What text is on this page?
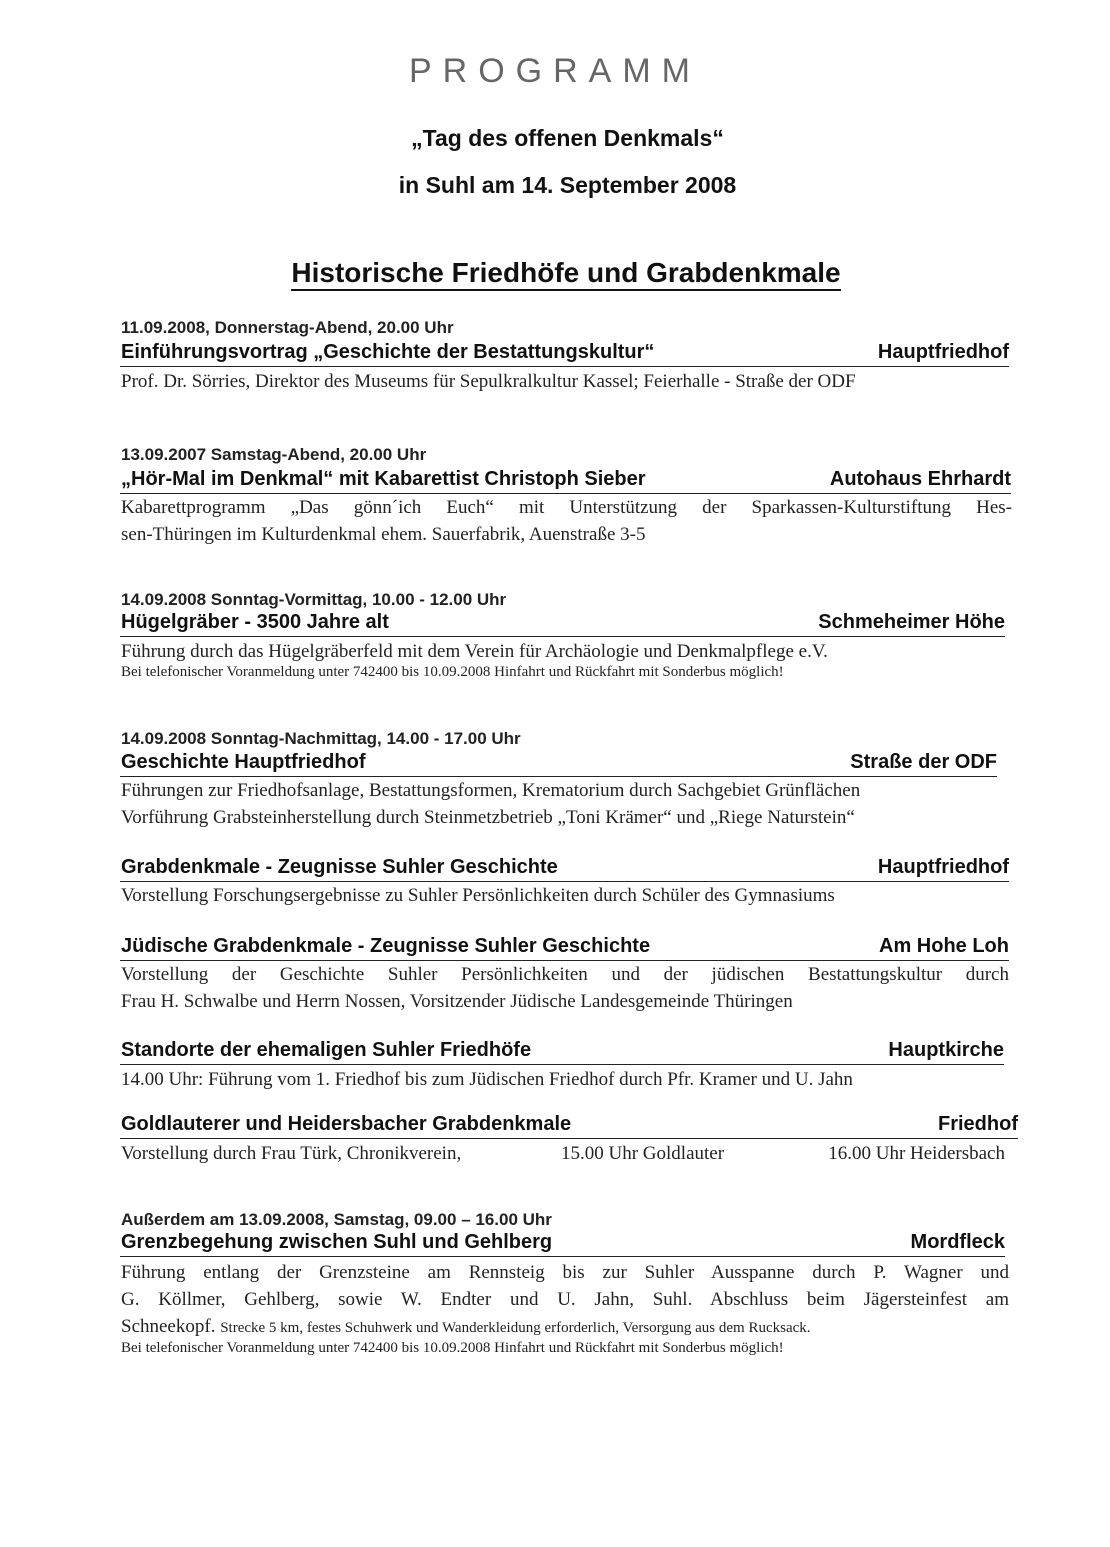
PROGRAMM
„Tag des offenen Denkmals“
in Suhl am 14. September 2008
Historische Friedhöfe und Grabdenkmale
11.09.2008, Donnerstag-Abend, 20.00 Uhr
Einführungsvortrag „Geschichte der Bestattungskultur“	Hauptfriedhof
Prof. Dr. Sörries, Direktor des Museums für Sepulkralkultur Kassel; Feierhalle - Straße der ODF
13.09.2007 Samstag-Abend, 20.00 Uhr
„Hör-Mal im Denkmal“ mit Kabarettist Christoph Sieber	Autohaus Ehrhardt
Kabarettprogramm „Das gönn´ich Euch“ mit Unterstützung der Sparkassen-Kulturstiftung Hes-
sen-Thüringen im Kulturdenkmal ehem. Sauerfabrik, Auenstraße 3-5
14.09.2008 Sonntag-Vormittag, 10.00 - 12.00 Uhr
Hügelgräber - 3500 Jahre alt	Schmeheimer Höhe
Führung durch das Hügelgräberfeld mit dem Verein für Archäologie und Denkmalpflege e.V.
Bei telefonischer Voranmeldung unter 742400 bis 10.09.2008 Hinfahrt und Rückfahrt mit Sonderbus möglich!
14.09.2008 Sonntag-Nachmittag, 14.00 - 17.00 Uhr
Geschichte Hauptfriedhof	Straße der ODF
Führungen zur Friedhofsanlage, Bestattungsformen, Krematorium durch Sachgebiet Grünflächen
Vorführung Grabsteinherstellung durch Steinmetzbetrieb „Toni Krämer“ und „Riege Naturstein“
Grabdenkmale - Zeugnisse Suhler Geschichte	Hauptfriedhof
Vorstellung Forschungsergebnisse zu Suhler Persönlichkeiten durch Schüler des Gymnasiums
Jüdische Grabdenkmale - Zeugnisse Suhler Geschichte	Am Hohe Loh
Vorstellung der Geschichte Suhler Persönlichkeiten und der jüdischen Bestattungskultur durch
Frau H. Schwalbe und Herrn Nossen, Vorsitzender Jüdische Landesgemeinde Thüringen
Standorte der ehemaligen Suhler Friedhöfe	Hauptkirche
14.00 Uhr: Führung vom 1. Friedhof bis zum Jüdischen Friedhof durch Pfr. Kramer und U. Jahn
Goldlauterer und Heidersbacher Grabdenkmale	Friedhof
Vorstellung durch Frau Türk, Chronikverein,	15.00 Uhr Goldlauter	16.00 Uhr Heidersbach
Außerdem am 13.09.2008, Samstag, 09.00 – 16.00 Uhr
Grenzbegehung zwischen Suhl und Gehlberg	Mordfleck
Führung entlang der Grenzsteine am Rennsteig bis zur Suhler Ausspanne durch P. Wagner und
G. Köllmer, Gehlberg, sowie W. Endter und U. Jahn, Suhl. Abschluss beim Jägersteinfest am
Schneekopf. Strecke 5 km, festes Schuhwerk und Wanderkleidung erforderlich, Versorgung aus dem Rucksack.
Bei telefonischer Voranmeldung unter 742400 bis 10.09.2008 Hinfahrt und Rückfahrt mit Sonderbus möglich!
